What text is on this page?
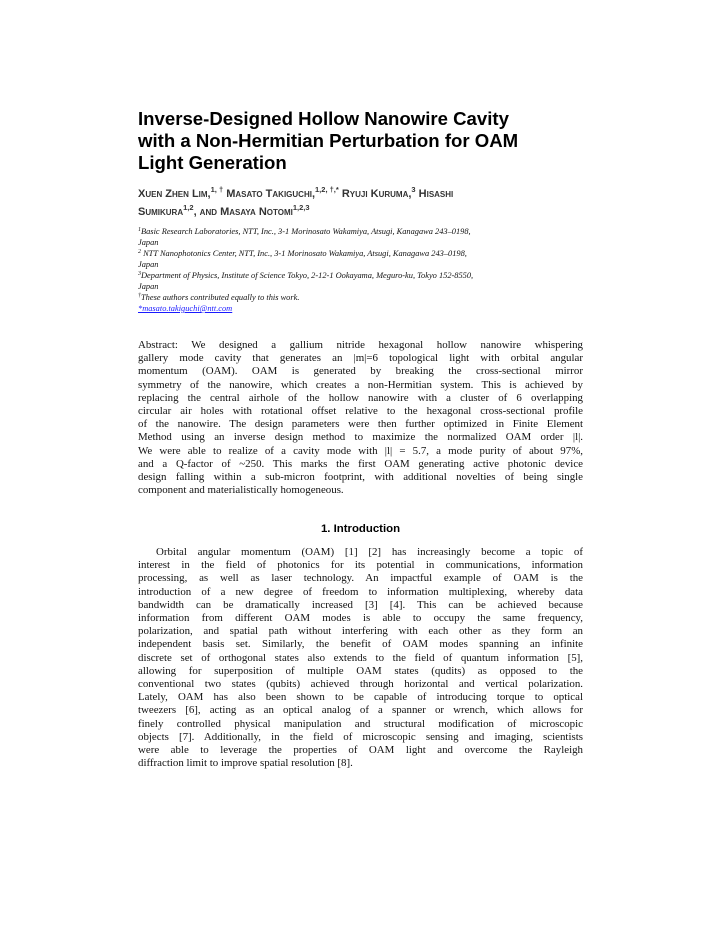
Inverse-Designed Hollow Nanowire Cavity
with a Non-Hermitian Perturbation for OAM
Light Generation
Xuen Zhen Lim,$^{1, \dagger}$ Masato Takiguchi,$^{1,2, \dagger,*}$ Ryuji Kuruma,$^3$ Hisashi
Sumikura$^{1,2}$, and Masaya Notomi$^{1,2,3}$
$^1$Basic Research Laboratories, NTT, Inc., 3-1 Morinosato Wakamiya, Atsugi, Kanagawa 243–0198,
Japan
$^2$ NTT Nanophotonics Center, NTT, Inc., 3-1 Morinosato Wakamiya, Atsugi, Kanagawa 243–0198,
Japan
$^3$Department of Physics, Institute of Science Tokyo, 2-12-1 Ookayama, Meguro-ku, Tokyo 152-8550,
Japan
†These authors contributed equally to this work.
*masato.takiguchi@ntt.com
Abstract: We designed a gallium nitride hexagonal hollow nanowire whispering
gallery mode cavity that generates an |m|=6 topological light with orbital angular
momentum (OAM). OAM is generated by breaking the cross-sectional mirror
symmetry of the nanowire, which creates a non-Hermitian system. This is achieved by
replacing the central airhole of the hollow nanowire with a cluster of 6 overlapping
circular air holes with rotational offset relative to the hexagonal cross-sectional profile
of the nanowire. The design parameters were then further optimized in Finite Element
Method using an inverse design method to maximize the normalized OAM order |l|.
We were able to realize of a cavity mode with |l| = 5.7, a mode purity of about 97%,
and a Q-factor of ~250. This marks the first OAM generating active photonic device
design falling within a sub-micron footprint, with additional novelties of being single
component and materialistically homogeneous.
1. Introduction
Orbital angular momentum (OAM) [1] [2] has increasingly become a topic of
interest in the field of photonics for its potential in communications, information
processing, as well as laser technology. An impactful example of OAM is the
introduction of a new degree of freedom to information multiplexing, whereby data
bandwidth can be dramatically increased [3] [4]. This can be achieved because
information from different OAM modes is able to occupy the same frequency,
polarization, and spatial path without interfering with each other as they form an
independent basis set. Similarly, the benefit of OAM modes spanning an infinite
discrete set of orthogonal states also extends to the field of quantum information [5],
allowing for superposition of multiple OAM states (qudits) as opposed to the
conventional two states (qubits) achieved through horizontal and vertical polarization.
Lately, OAM has also been shown to be capable of introducing torque to optical
tweezers [6], acting as an optical analog of a spanner or wrench, which allows for
finely controlled physical manipulation and structural modification of microscopic
objects [7]. Additionally, in the field of microscopic sensing and imaging, scientists
were able to leverage the properties of OAM light and overcome the Rayleigh
diffraction limit to improve spatial resolution [8].
